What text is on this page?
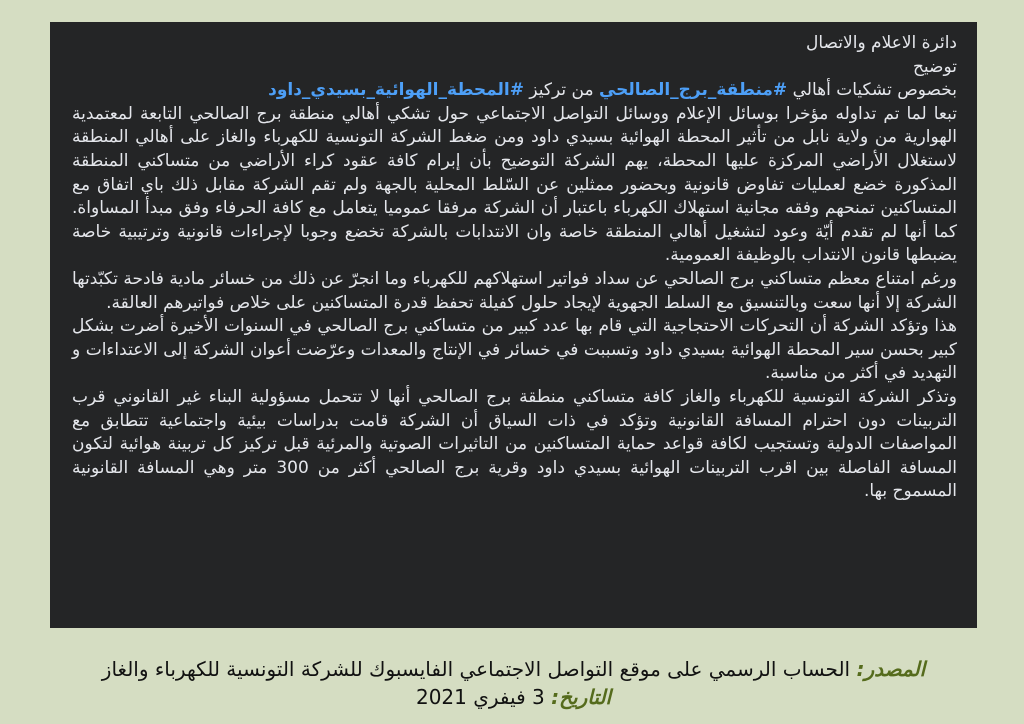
دائرة الاعلام والاتصال

توضيح

بخصوص تشكيات أهالي #منطقة_برج_الصالحي من تركيز #المحطة_الهوائية_بسيدي_داود

تبعا لما تم تداوله مؤخرا بوسائل الإعلام ووسائل التواصل الاجتماعي حول تشكي أهالي منطقة برج الصالحي التابعة لمعتمدية الهوارية من ولاية نابل من تأثير المحطة الهوائية بسيدي داود ومن ضغط الشركة التونسية للكهرباء والغاز على أهالي المنطقة لاستغلال الأراضي المركزة عليها المحطة، يهم الشركة التوضيح بأن إبرام كافة عقود كراء الأراضي من متساكني المنطقة المذكورة خضع لعمليات تفاوض قانونية وبحضور ممثلين عن السّلط المحلية بالجهة ولم تقم الشركة مقابل ذلك باي اتفاق مع المتساكنين تمنحهم وفقه مجانية استهلاك الكهرباء باعتبار أن الشركة مرفقا عموميا يتعامل مع كافة الحرفاء وفق مبدأ المساواة. كما أنها لم تقدم أيّة وعود لتشغيل أهالي المنطقة خاصة وان الانتدابات بالشركة تخضع وجوبا لإجراءات قانونية وترتيبية خاصة يضبطها قانون الانتداب بالوظيفة العمومية.

ورغم امتناع معظم متساكني برج الصالحي عن سداد فواتير استهلاكهم للكهرباء وما انجرّ عن ذلك من خسائر مادية فادحة تكبّدتها الشركة إلا أنها سعت وبالتنسيق مع السلط الجهوية لإيجاد حلول كفيلة تحفظ قدرة المتساكنين على خلاص فواتيرهم العالقة.

هذا وتؤكد الشركة أن التحركات الاحتجاجية التي قام بها عدد كبير من متساكني برج الصالحي في السنوات الأخيرة أضرت بشكل كبير بحسن سير المحطة الهوائية بسيدي داود وتسببت في خسائر في الإنتاج والمعدات وعرّضت أعوان الشركة إلى الاعتداءات و التهديد في أكثر من مناسبة.

وتذكر الشركة التونسية للكهرباء والغاز كافة متساكني منطقة برج الصالحي أنها لا تتحمل مسؤولية البناء غير القانوني قرب التربينات دون احترام المسافة القانونية وتؤكد في ذات السياق أن الشركة قامت بدراسات بيئية واجتماعية تتطابق مع المواصفات الدولية وتستجيب لكافة قواعد حماية المتساكنين من التاثيرات الصوتية والمرئية قبل تركيز كل تربينة هوائية لتكون المسافة الفاصلة بين اقرب التربينات الهوائية بسيدي داود وقرية برج الصالحي أكثر من 300 متر وهي المسافة القانونية المسموح بها.

المصدر: الحساب الرسمي على موقع التواصل الاجتماعي الفايسبوك للشركة التونسية للكهرباء والغاز
التاريخ: 3 فيفري 2021
